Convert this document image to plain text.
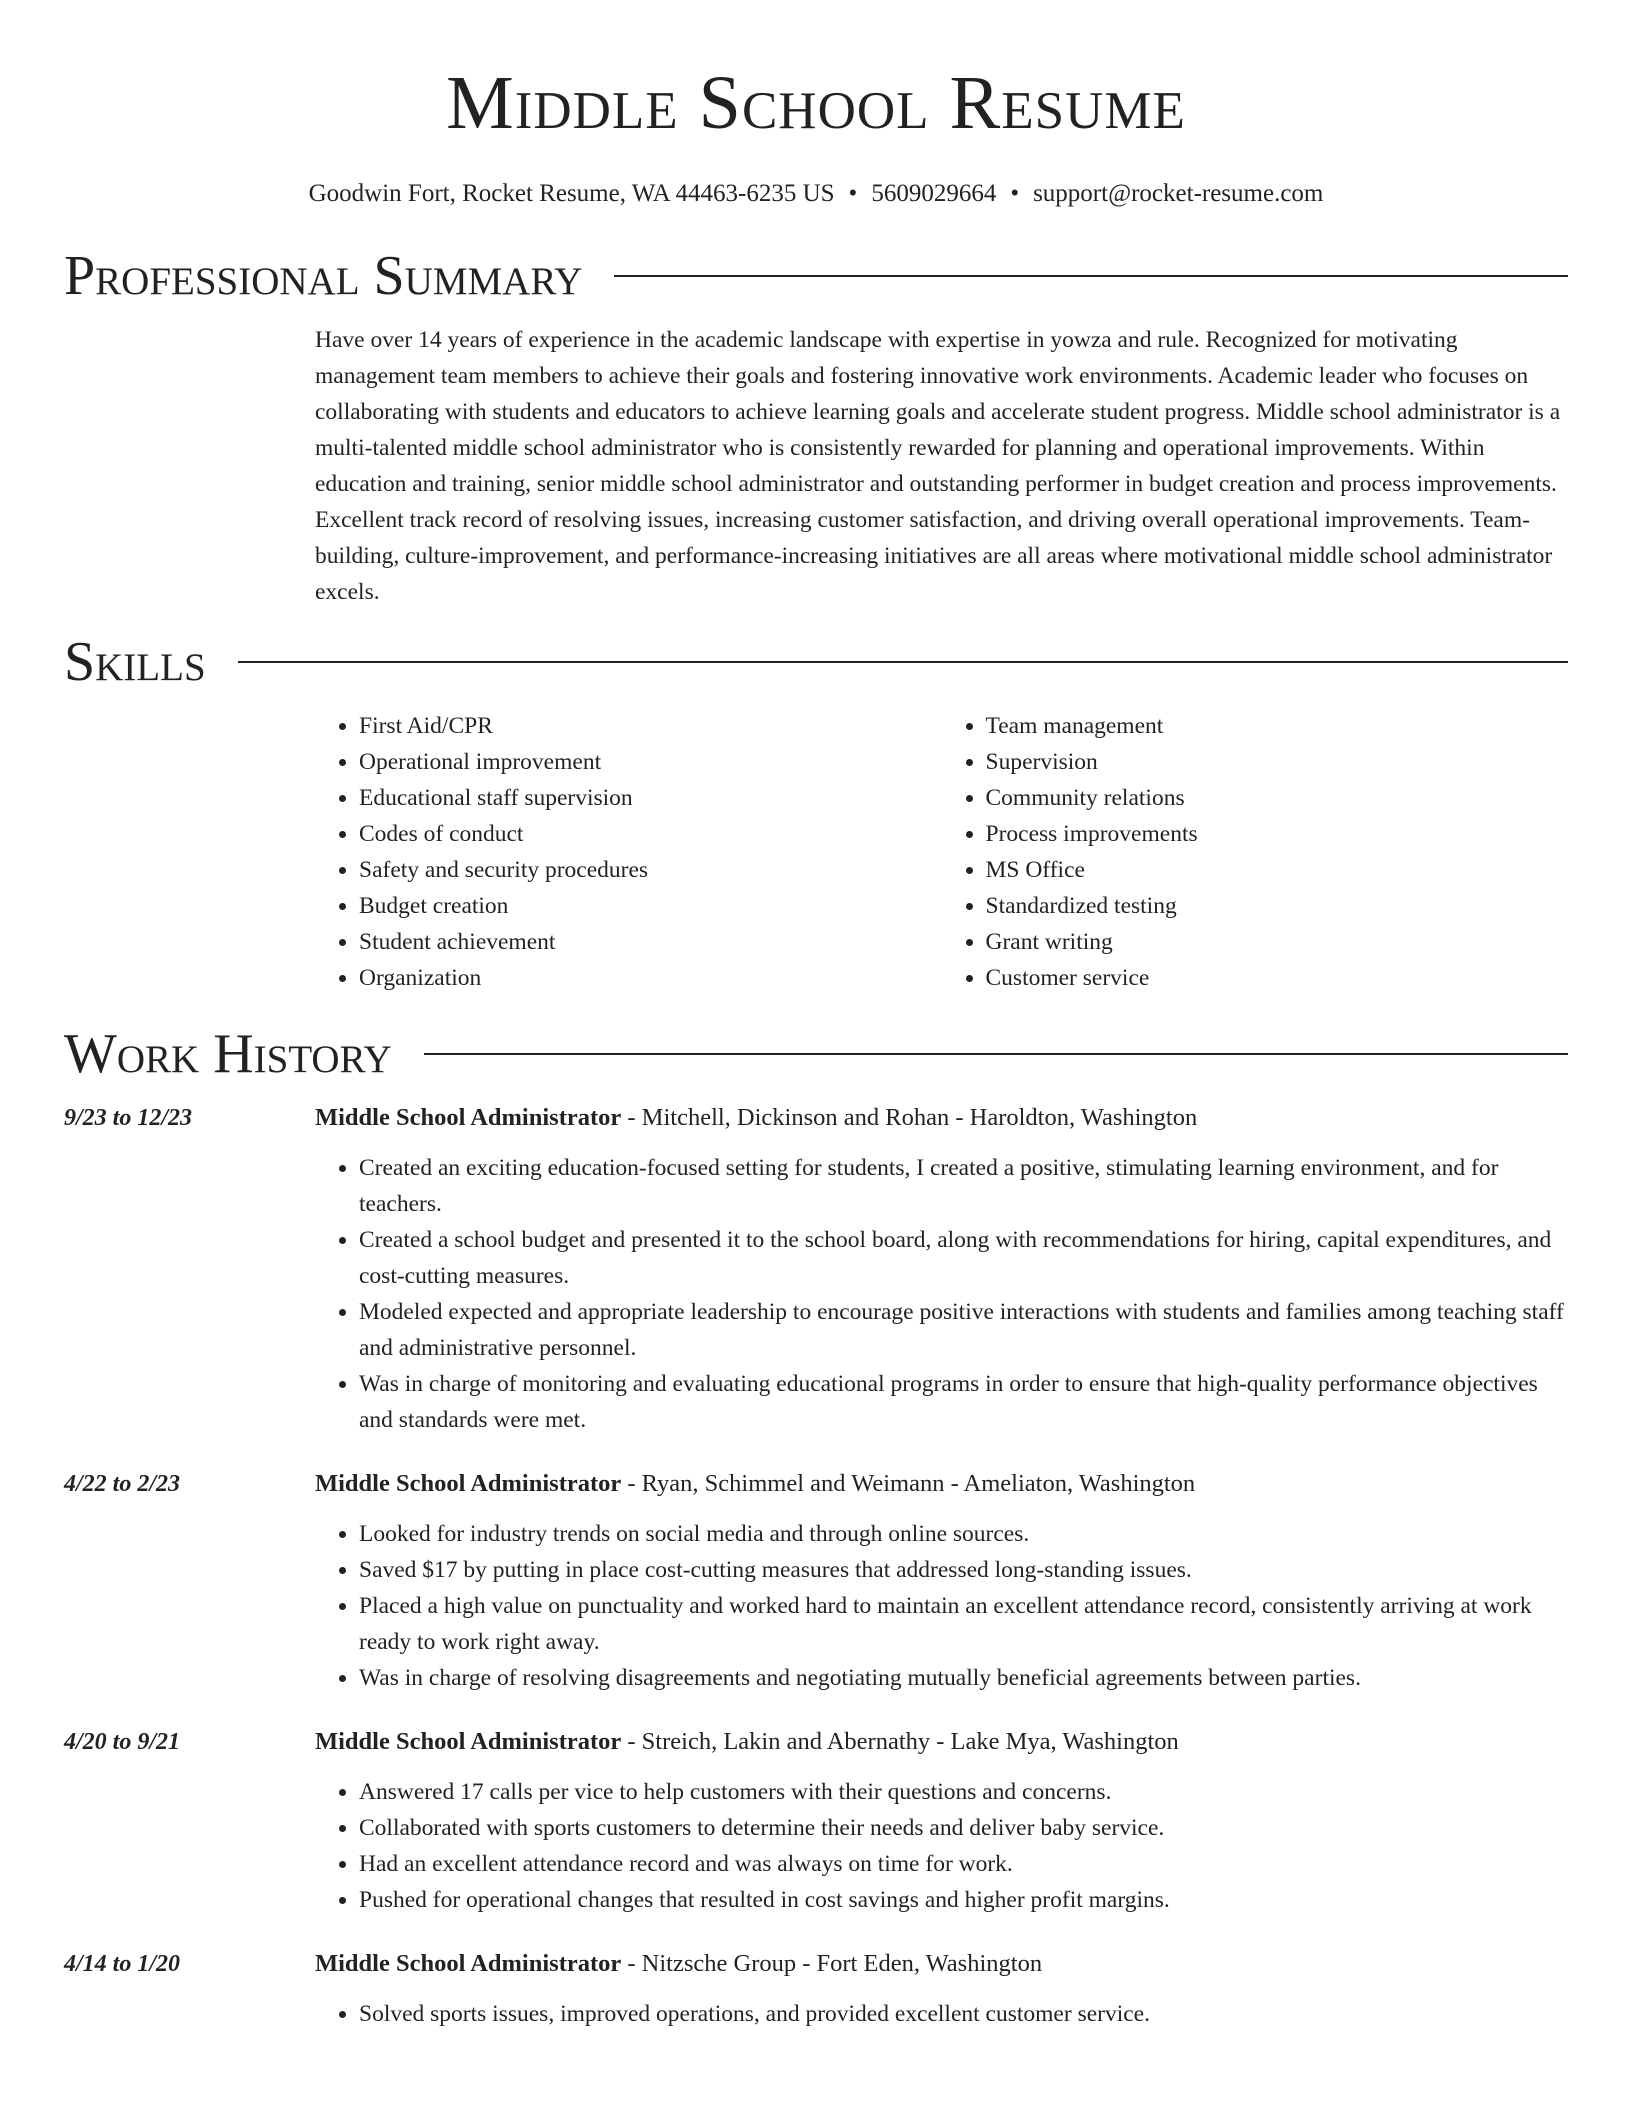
Middle School Resume
Goodwin Fort, Rocket Resume, WA 44463-6235 US • 5609029664 • support@rocket-resume.com
Professional Summary

Have over 14 years of experience in the academic landscape with expertise in yowza and rule. Recognized for motivating management team members to achieve their goals and fostering innovative work environments. Academic leader who focuses on collaborating with students and educators to achieve learning goals and accelerate student progress. Middle school administrator is a multi-talented middle school administrator who is consistently rewarded for planning and operational improvements. Within education and training, senior middle school administrator and outstanding performer in budget creation and process improvements. Excellent track record of resolving issues, increasing customer satisfaction, and driving overall operational improvements. Team-building, culture-improvement, and performance-increasing initiatives are all areas where motivational middle school administrator excels.

Skills
• First Aid/CPR
• Operational improvement
• Educational staff supervision
• Codes of conduct
• Safety and security procedures
• Budget creation
• Student achievement
• Organization
• Team management
• Supervision
• Community relations
• Process improvements
• MS Office
• Standardized testing
• Grant writing
• Customer service
Work History
9/23 to 12/23	Middle School Administrator - Mitchell, Dickinson and Rohan - Haroldton, Washington
• Created an exciting education-focused setting for students, I created a positive, stimulating learning environment, and for teachers.
• Created a school budget and presented it to the school board, along with recommendations for hiring, capital expenditures, and cost-cutting measures.
• Modeled expected and appropriate leadership to encourage positive interactions with students and families among teaching staff and administrative personnel.
• Was in charge of monitoring and evaluating educational programs in order to ensure that high-quality performance objectives and standards were met.
4/22 to 2/23	Middle School Administrator - Ryan, Schimmel and Weimann - Ameliaton, Washington
• Looked for industry trends on social media and through online sources.
• Saved $17 by putting in place cost-cutting measures that addressed long-standing issues.
• Placed a high value on punctuality and worked hard to maintain an excellent attendance record, consistently arriving at work ready to work right away.
• Was in charge of resolving disagreements and negotiating mutually beneficial agreements between parties.
4/20 to 9/21	Middle School Administrator - Streich, Lakin and Abernathy - Lake Mya, Washington
• Answered 17 calls per vice to help customers with their questions and concerns.
• Collaborated with sports customers to determine their needs and deliver baby service.
• Had an excellent attendance record and was always on time for work.
• Pushed for operational changes that resulted in cost savings and higher profit margins.
4/14 to 1/20	Middle School Administrator - Nitzsche Group - Fort Eden, Washington
• Solved sports issues, improved operations, and provided excellent customer service.
